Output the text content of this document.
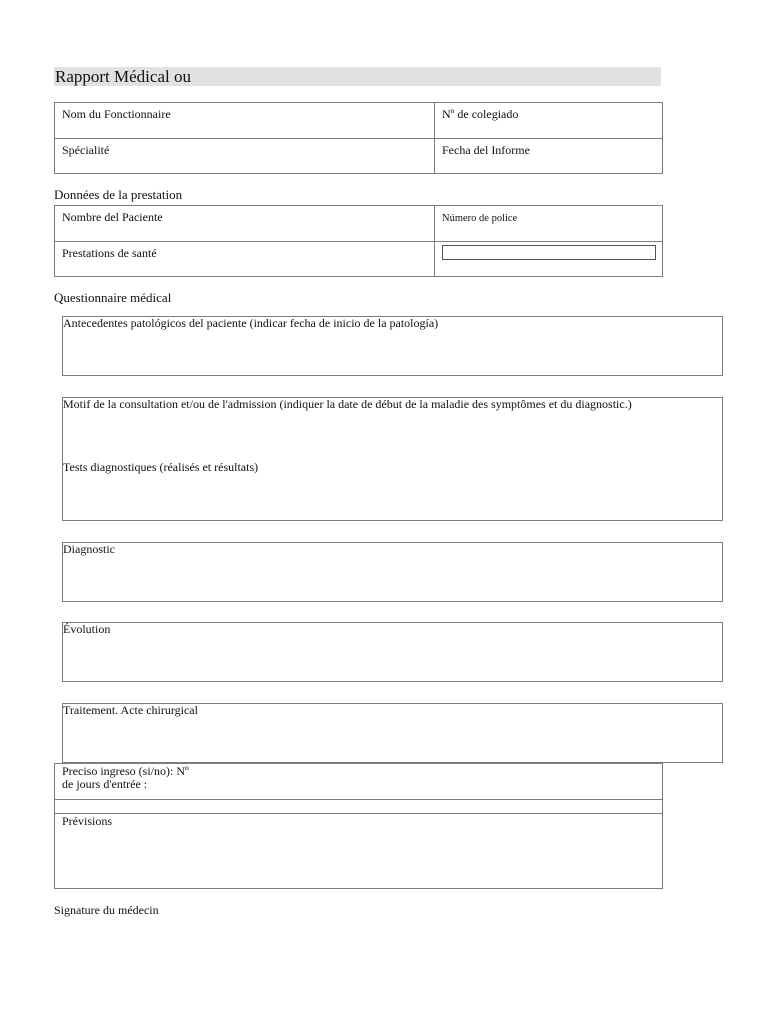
Rapport Médical ou
Nom du Fonctionnaire	Nº de colegiado
Spécialité	Fecha del Informe
Données de la prestation
Nombre del Paciente	Número de police
Prestations de santé
Questionnaire médical
Antecedentes patológicos del paciente (indicar fecha de inicio de la patología)
Motif de la consultation et/ou de l'admission (indiquer la date de début de la maladie des symptômes et du diagnostic.)
Tests diagnostiques (réalisés et résultats)
Diagnostic
Évolution
Traitement. Acte chirurgical
Preciso ingreso (si/no): Nº
de jours d'entrée :
Prévisions
Signature du médecin
